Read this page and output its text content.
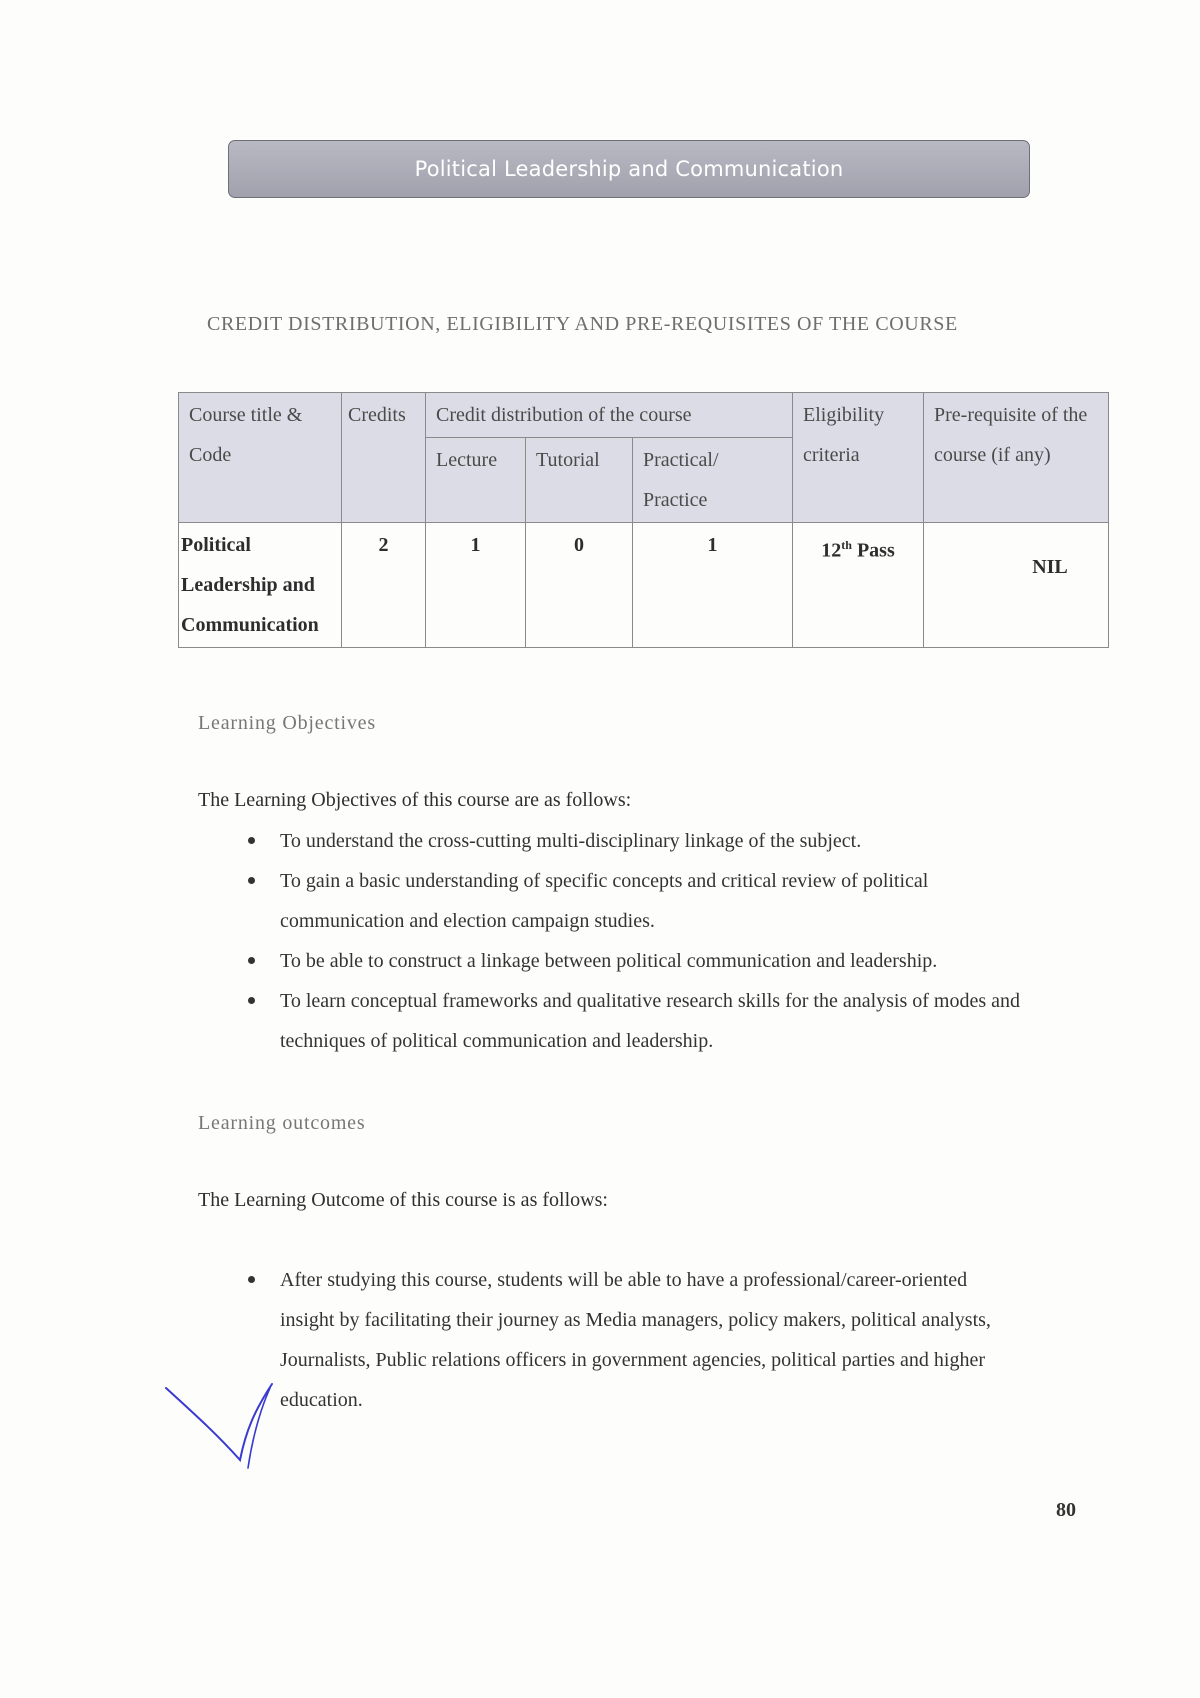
Political Leadership and Communication
CREDIT DISTRIBUTION, ELIGIBILITY AND PRE-REQUISITES OF THE COURSE
Course title & Code	Credits	Credit distribution of the course			Eligibility criteria	Pre-requisite of the course (if any)
		Lecture	Tutorial	Practical/ Practice		
Political Leadership and Communication	2	1	0	1	12th Pass	NIL
Learning Objectives
The Learning Objectives of this course are as follows:
To understand the cross-cutting multi-disciplinary linkage of the subject.
To gain a basic understanding of specific concepts and critical review of political communication and election campaign studies.
To be able to construct a linkage between political communication and leadership.
To learn conceptual frameworks and qualitative research skills for the analysis of modes and techniques of political communication and leadership.
Learning outcomes
The Learning Outcome of this course is as follows:
After studying this course, students will be able to have a professional/career-oriented insight by facilitating their journey as Media managers, policy makers, political analysts, Journalists, Public relations officers in government agencies, political parties and higher education.
80
